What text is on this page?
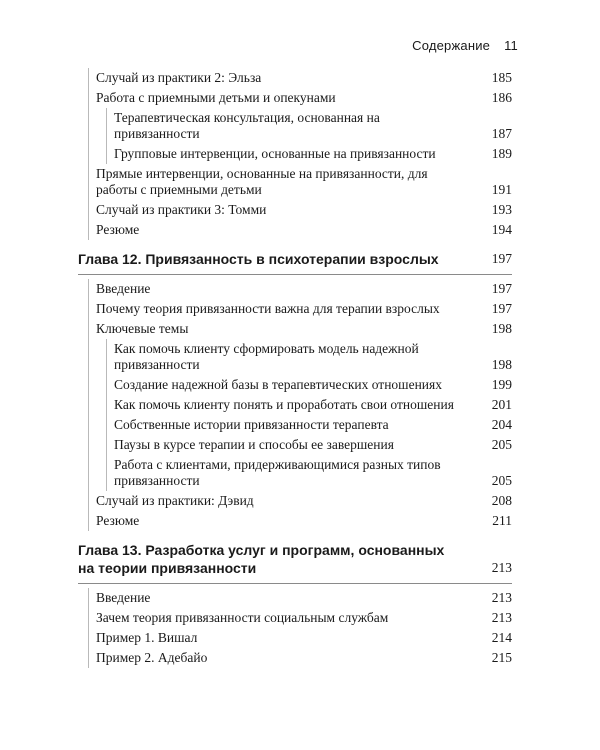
Содержание 11
Случай из практики 2: Эльза	185
Работа с приемными детьми и опекунами	186
Терапевтическая консультация, основанная на привязанности	187
Групповые интервенции, основанные на привязанности	189
Прямые интервенции, основанные на привязанности, для работы с приемными детьми	191
Случай из практики 3: Томми	193
Резюме	194
Глава 12. Привязанность в психотерапии взрослых	197
Введение	197
Почему теория привязанности важна для терапии взрослых	197
Ключевые темы	198
Как помочь клиенту сформировать модель надежной привязанности	198
Создание надежной базы в терапевтических отношениях	199
Как помочь клиенту понять и проработать свои отношения	201
Собственные истории привязанности терапевта	204
Паузы в курсе терапии и способы ее завершения	205
Работа с клиентами, придерживающимися разных типов привязанности	205
Случай из практики: Дэвид	208
Резюме	211
Глава 13. Разработка услуг и программ, основанных на теории привязанности	213
Введение	213
Зачем теория привязанности социальным службам	213
Пример 1. Вишал	214
Пример 2. Адебайо	215
